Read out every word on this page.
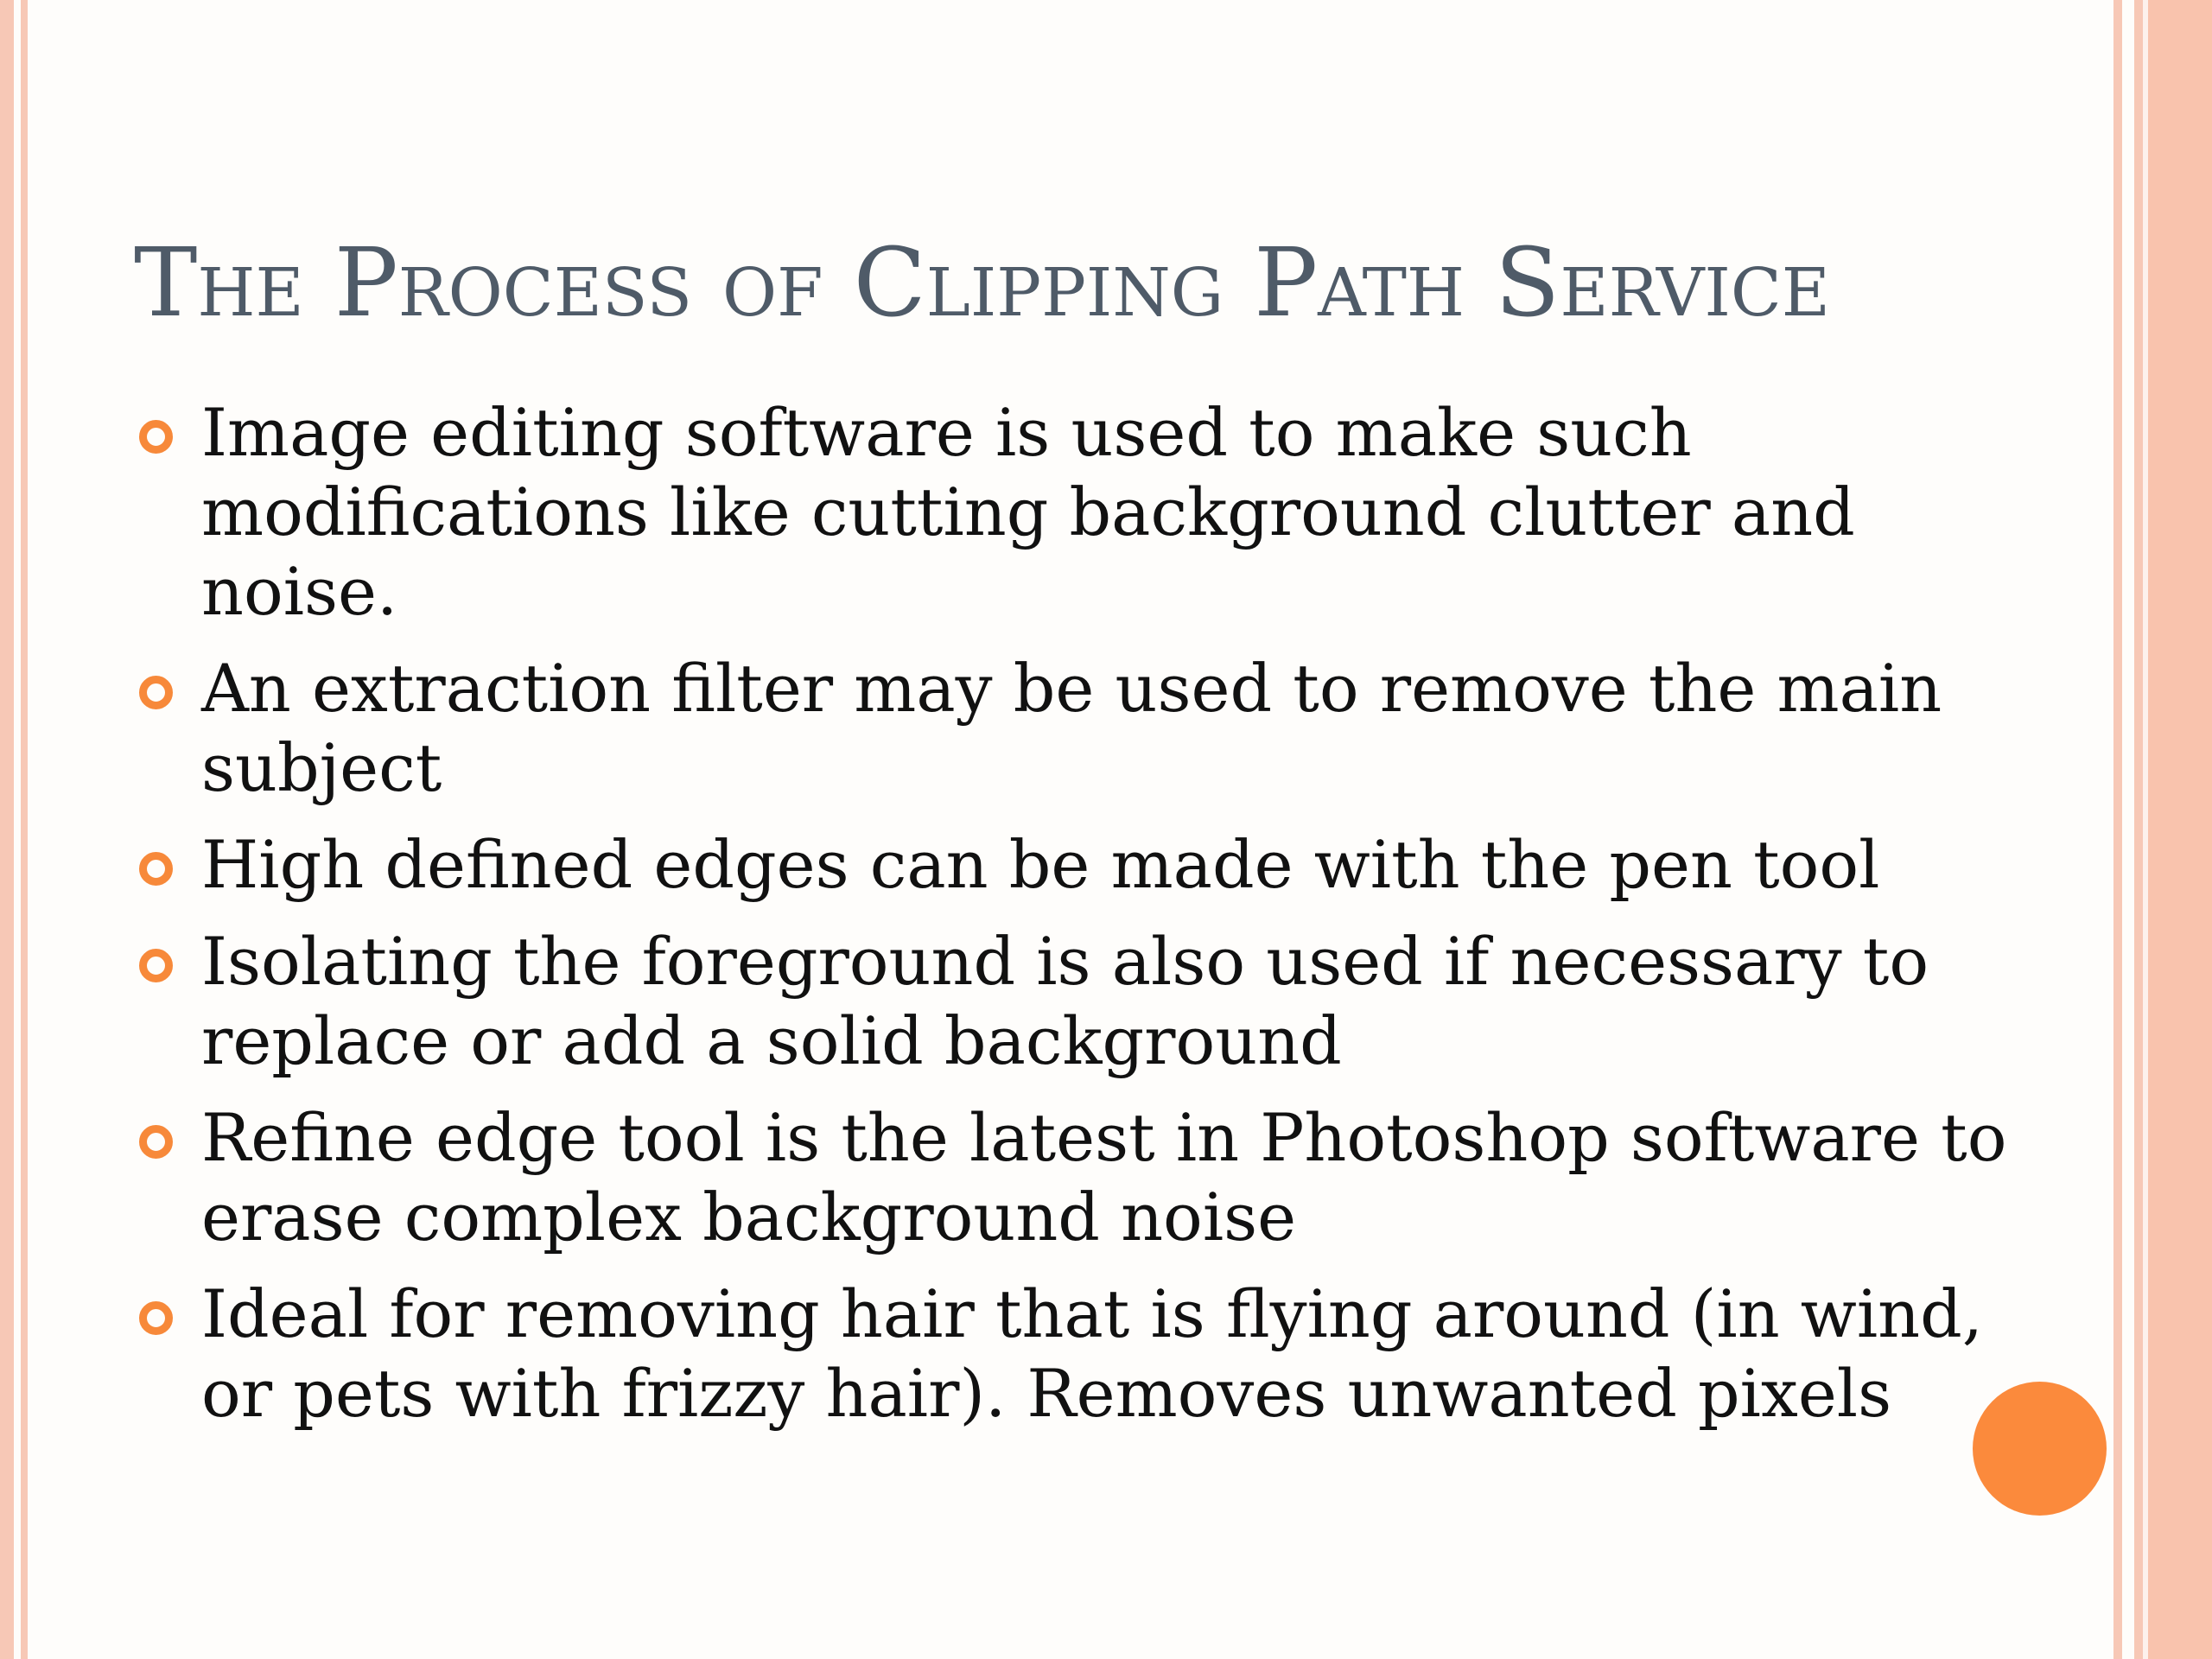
The Process of Clipping Path Service
Image editing software is used to make such modifications like cutting background clutter and noise.
An extraction filter may be used to remove the main subject
High defined edges can be made with the pen tool
Isolating the foreground is also used if necessary to replace or add a solid background
Refine edge tool is the latest in Photoshop software to erase complex background noise
Ideal for removing hair that is flying around (in wind, or pets with frizzy hair). Removes unwanted pixels
